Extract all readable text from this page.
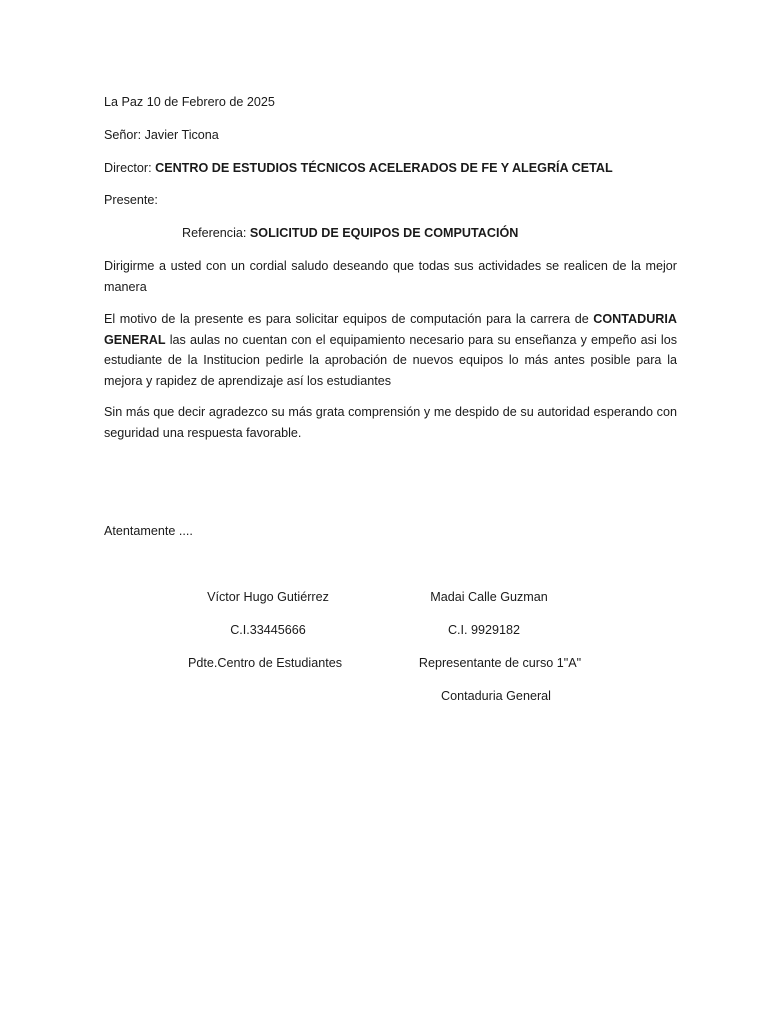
La Paz 10 de Febrero de 2025
Señor: Javier Ticona
Director: CENTRO DE ESTUDIOS TÉCNICOS ACELERADOS DE FE Y ALEGRÍA CETAL
Presente:
Referencia: SOLICITUD DE EQUIPOS DE COMPUTACIÓN
Dirigirme a usted con un cordial saludo deseando que todas sus actividades se realicen de la mejor manera
El motivo de la presente es para solicitar equipos de computación para la carrera de CONTADURIA GENERAL las aulas no cuentan con el equipamiento necesario para su enseñanza y empeño asi los estudiante de la Institucion pedirle la aprobación de nuevos equipos lo más antes posible para la mejora y rapidez de aprendizaje así los estudiantes
Sin más que decir agradezco su más grata comprensión y me despido de su autoridad esperando con seguridad una respuesta favorable.
Atentamente ....
Víctor Hugo Gutiérrez
C.I.33445666
Pdte.Centro de Estudiantes
Madai Calle Guzman
C.I. 9929182
Representante de curso 1"A"
Contaduria General
